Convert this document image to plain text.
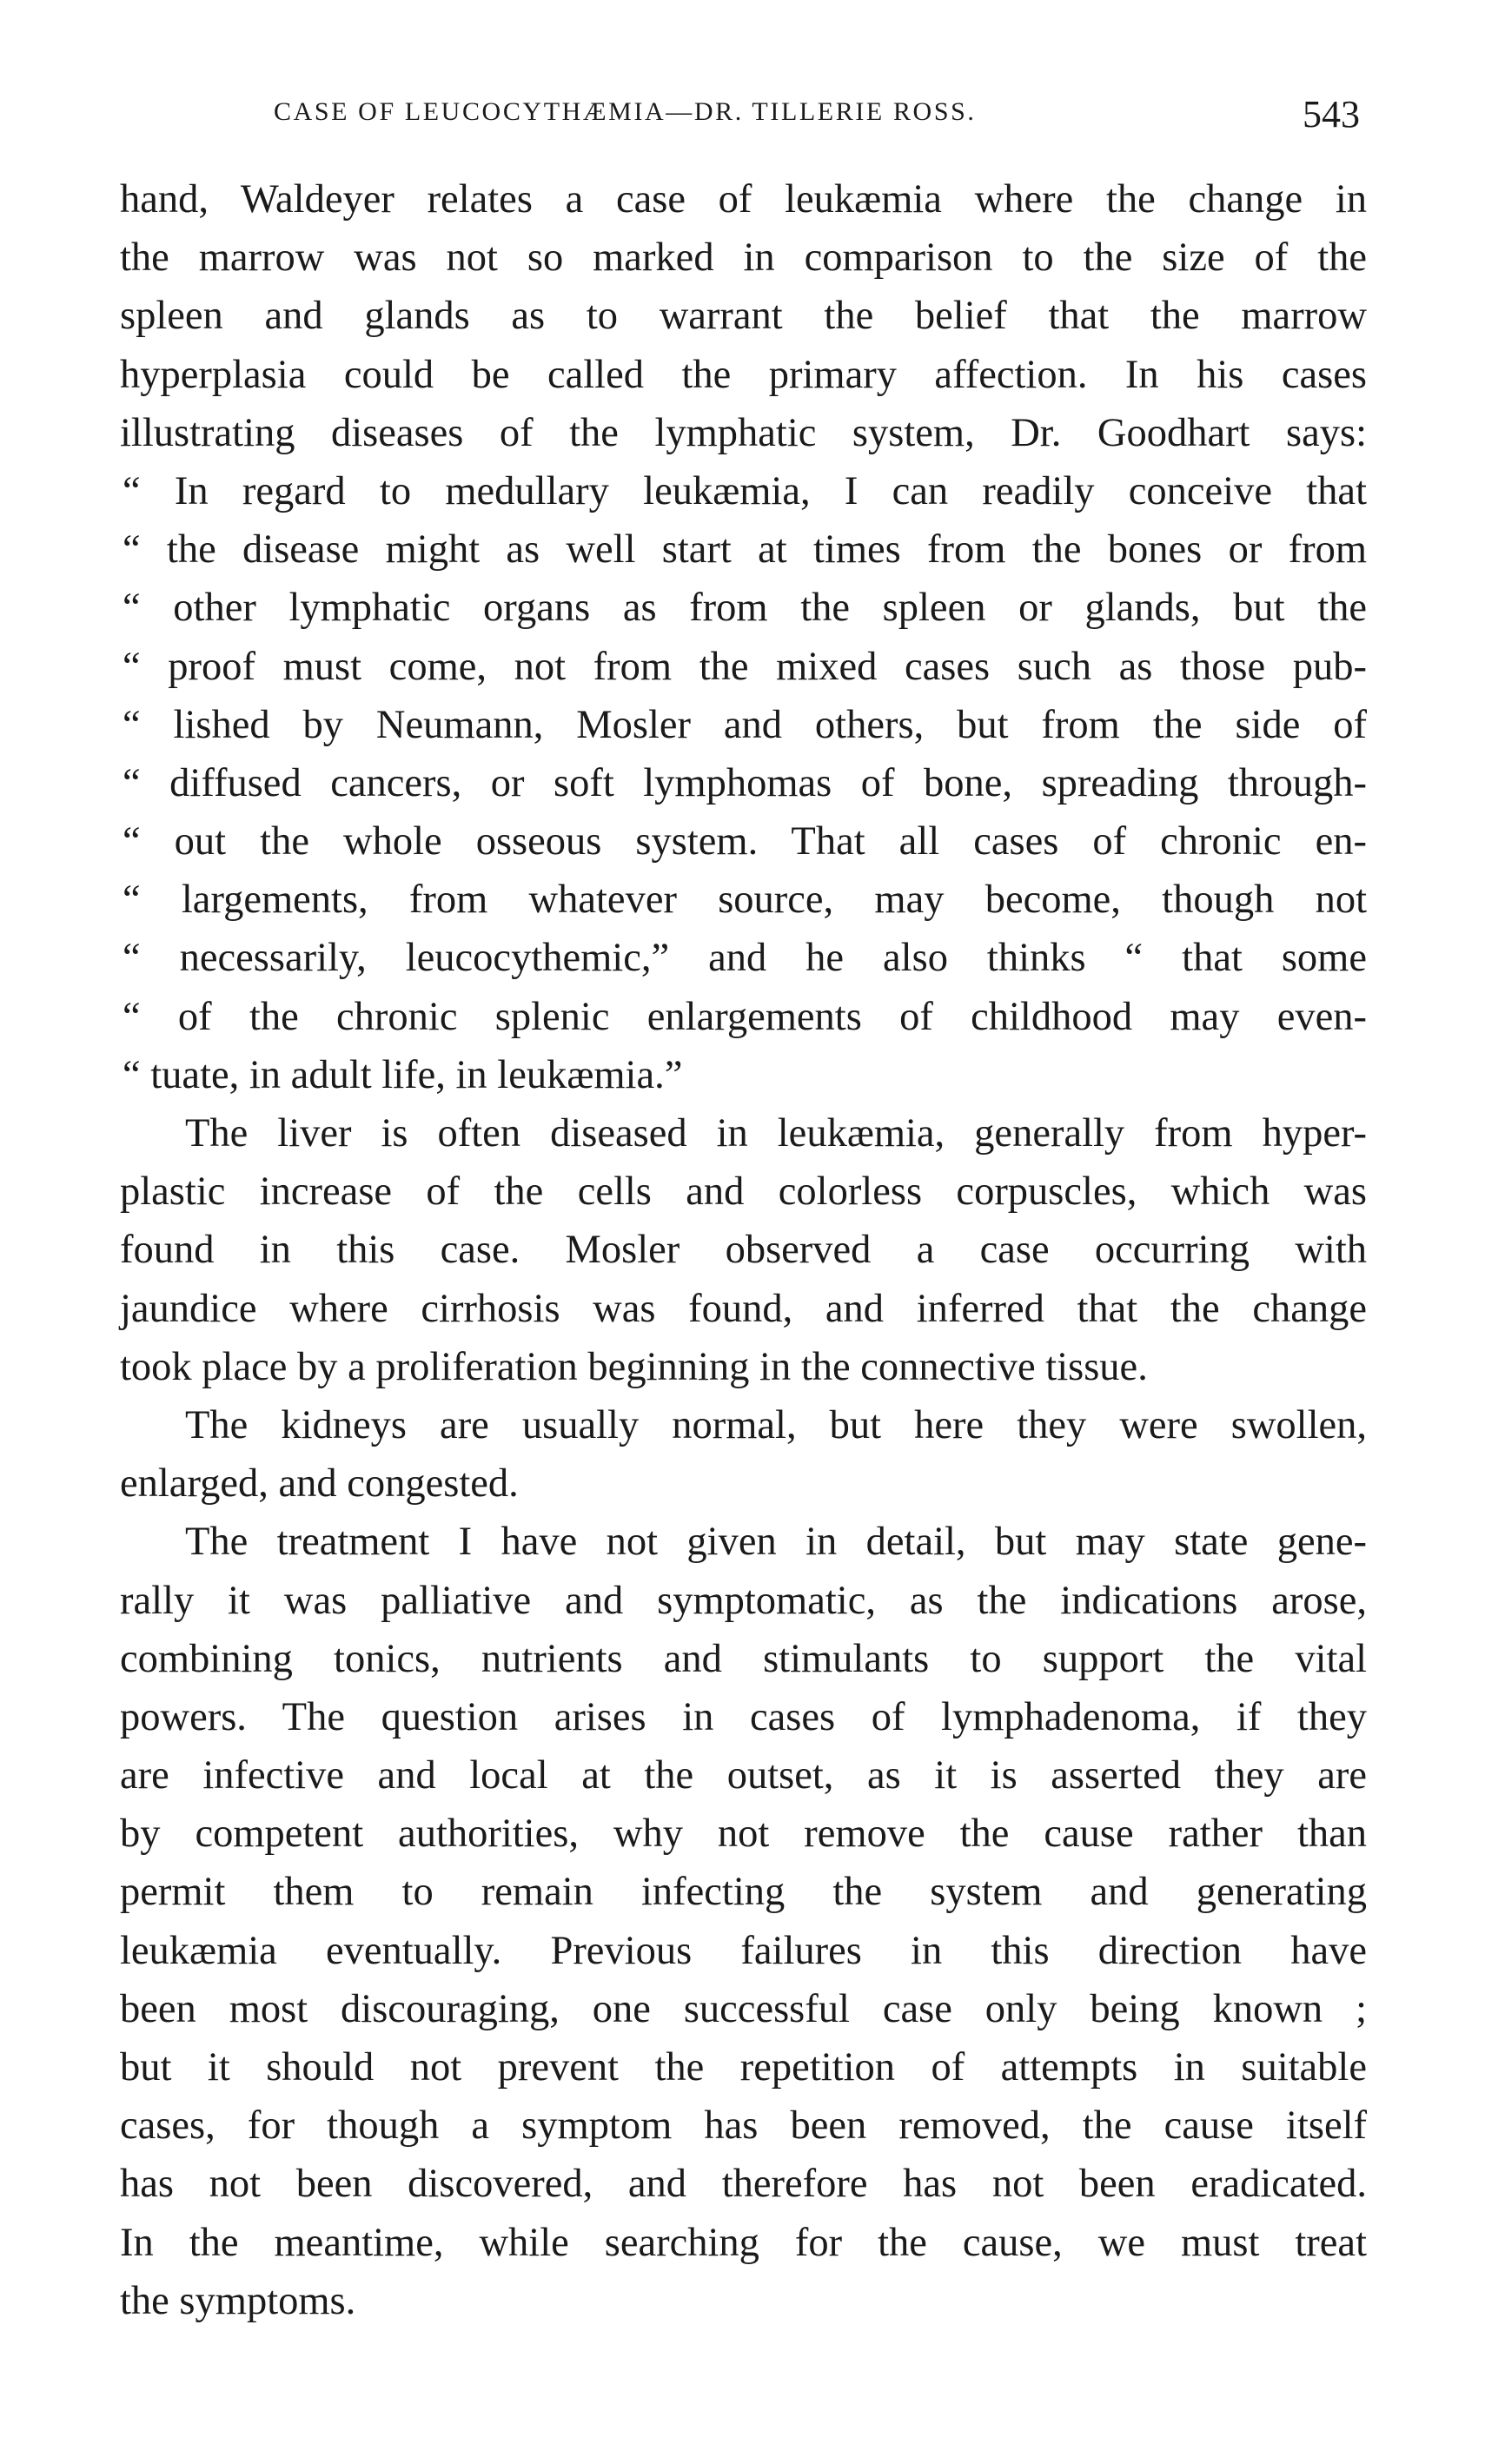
CASE OF LEUCOCYTHÆMIA—DR. TILLERIE ROSS.	543
hand, Waldeyer relates a case of leukæmia where the change in
the marrow was not so marked in comparison to the size of the
spleen and glands as to warrant the belief that the marrow
hyperplasia could be called the primary affection. In his cases
illustrating diseases of the lymphatic system, Dr. Goodhart says:
“ In regard to medullary leukæmia, I can readily conceive that
“ the disease might as well start at times from the bones or from
“ other lymphatic organs as from the spleen or glands, but the
“ proof must come, not from the mixed cases such as those pub-
“ lished by Neumann, Mosler and others, but from the side of
“ diffused cancers, or soft lymphomas of bone, spreading through-
“ out the whole osseous system. That all cases of chronic en-
“ largements, from whatever source, may become, though not
“ necessarily, leucocythemic,” and he also thinks “ that some
“ of the chronic splenic enlargements of childhood may even-
“ tuate, in adult life, in leukæmia.”
The liver is often diseased in leukæmia, generally from hyper-
plastic increase of the cells and colorless corpuscles, which was
found in this case. Mosler observed a case occurring with
jaundice where cirrhosis was found, and inferred that the change
took place by a proliferation beginning in the connective tissue.
The kidneys are usually normal, but here they were swollen,
enlarged, and congested.
The treatment I have not given in detail, but may state gene-
rally it was palliative and symptomatic, as the indications arose,
combining tonics, nutrients and stimulants to support the vital
powers. The question arises in cases of lymphadenoma, if they
are infective and local at the outset, as it is asserted they are
by competent authorities, why not remove the cause rather than
permit them to remain infecting the system and generating
leukæmia eventually. Previous failures in this direction have
been most discouraging, one successful case only being known ;
but it should not prevent the repetition of attempts in suitable
cases, for though a symptom has been removed, the cause itself
has not been discovered, and therefore has not been eradicated.
In the meantime, while searching for the cause, we must treat
the symptoms.
